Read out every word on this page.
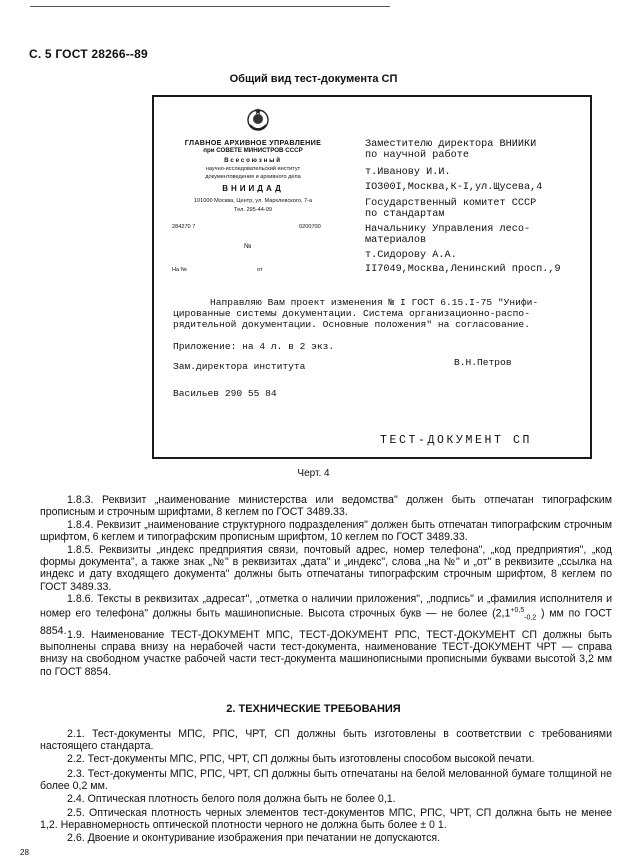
С. 5 ГОСТ 28266--89
Общий вид тест-документа СП
ГЛАВНОЕ АРХИВНОЕ УПРАВЛЕНИЕ
при СОВЕТЕ МИНИСТРОВ СССР
Всесоюзный
научно-исследовательский институт
документоведения и архивного дела
ВНИИДАД
101000 Москва, Центр, ул. Мархлевского, 7-а
Тел. 295-44-99
284270 7	0200700
№
На №	от
Заместителю директора ВНИИКИ
по научной работе
т.Иванову И.И.
IO300I,Москва,К-I,ул.Щусева,4
Государственный комитет СССР
по стандартам
Начальнику Управления лесо-
материалов
т.Сидорову А.А.
II7049,Москва,Ленинский просп.,9
Направляю Вам проект изменения № I ГОСТ 6.15.I-75 "Унифи-
цированные системы документации. Система организационно-распо-
рядительной документации. Основные положения" на согласование.
Приложение: на 4 л. в 2 экз.
Зам.директора института	В.Н.Петров
Васильев 290 55 84
ТЕСТ-ДОКУМЕНТ СП
Черт. 4
1.8.3. Реквизит „наименование министерства или ведомства" должен быть отпечатан типографским прописным и строчным шрифтами, 8 кеглем по ГОСТ 3489.33.
1.8.4. Реквизит „наименование структурного подразделения" должен быть отпечатан типографским строчным шрифтом, 6 кеглем и типографским прописным шрифтом, 10 кеглем по ГОСТ 3489.33.
1.8.5. Реквизиты „индекс предприятия связи, почтовый адрес, номер телефона", „код предприятия", „код формы документа", а также знак „№" в реквизитах „дата" и „индекс", слова „на №" и „от" в реквизите „ссылка на индекс и дату входящего документа" должны быть отпечатаны типографским строчным шрифтом, 8 кеглем по ГОСТ 3489.33.
1.8.6. Тексты в реквизитах „адресат", „отметка о наличии приложения", „подпись" и „фамилия исполнителя и номер его телефона" должны быть машинописные. Высота строчных букв — не более ($2,1^{+0,5}_{-0,2}$ ) мм по ГОСТ 8854. 1.9. Наименование ТЕСТ-ДОКУМЕНТ МПС, ТЕСТ-ДОКУМЕНТ РПС, ТЕСТ-ДОКУМЕНТ СП должны быть выполнены справа внизу на нерабочей части тест-документа, наименование ТЕСТ-ДОКУМЕНТ ЧРТ — справа внизу на свободном участке рабочей части тест-документа машинописными прописными буквами высотой 3,2 мм по ГОСТ 8854.
2. ТЕХНИЧЕСКИЕ ТРЕБОВАНИЯ
2.1. Тест-документы МПС, РПС, ЧРТ, СП должны быть изготовлены в соответствии с требованиями настоящего стандарта.
2.2. Тест-документы МПС, РПС, ЧРТ, СП должны быть изготовлены способом высокой печати.
2.3. Тест-документы МПС, РПС, ЧРТ, СП должны быть отпечатаны на белой мелованной бумаге толщиной не более 0,2 мм.
2.4. Оптическая плотность белого поля должна быть не более 0,1.
2.5. Оптическая плотность черных элементов тест-документов МПС, РПС, ЧРТ, СП должна быть не менее 1,2. Неравномерность оптической плотности черного не должна быть более ± 0 1.
2.6. Двоение и оконтуривание изображения при печатании не допускаются.
28
